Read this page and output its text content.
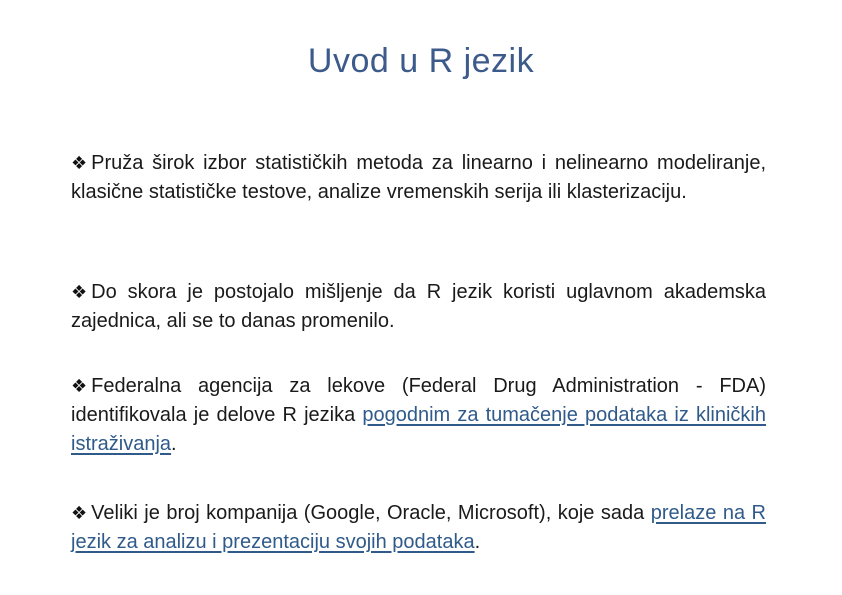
Uvod u R jezik
❖ Pruža širok izbor statističkih metoda za linearno i nelinearno modeliranje, klasične statističke testove, analize vremenskih serija ili klasterizaciju.
❖ Do skora je postojalo mišljenje da R jezik koristi uglavnom akademska zajednica, ali se to danas promenilo.
❖ Federalna agencija za lekove (Federal Drug Administration - FDA) identifikovala je delove R jezika pogodnim za tumačenje podataka iz kliničkih istraživanja.
❖ Veliki je broj kompanija (Google, Oracle, Microsoft), koje sada prelaze na R jezik za analizu i prezentaciju svojih podataka.
